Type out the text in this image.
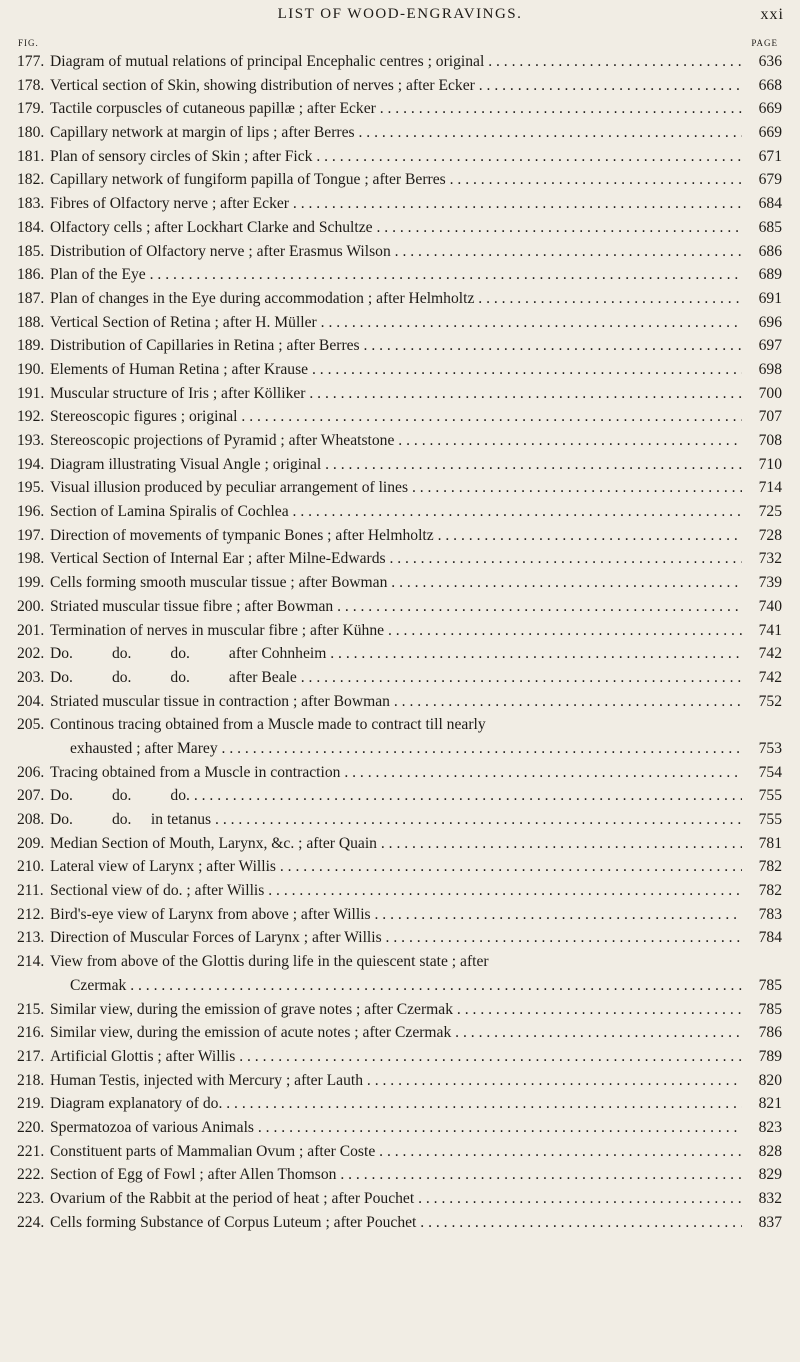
LIST OF WOOD-ENGRAVINGS.	xxi
FIG.	PAGE
177. Diagram of mutual relations of principal Encephalic centres ; original . . .	636
178. Vertical section of Skin, showing distribution of nerves ; after Ecker . . .	668
179. Tactile corpuscles of cutaneous papillæ ; after Ecker . . .	669
180. Capillary network at margin of lips ; after Berres . . .	669
181. Plan of sensory circles of Skin ; after Fick . . .	671
182. Capillary network of fungiform papilla of Tongue ; after Berres . . .	679
183. Fibres of Olfactory nerve ; after Ecker . . .	684
184. Olfactory cells ; after Lockhart Clarke and Schultze . . .	685
185. Distribution of Olfactory nerve ; after Erasmus Wilson . . .	686
186. Plan of the Eye . . .	689
187. Plan of changes in the Eye during accommodation ; after Helmholtz . . .	691
188. Vertical Section of Retina ; after H. Müller . . .	696
189. Distribution of Capillaries in Retina ; after Berres . . .	697
190. Elements of Human Retina ; after Krause . . .	698
191. Muscular structure of Iris ; after Kölliker . . .	700
192. Stereoscopic figures ; original . . .	707
193. Stereoscopic projections of Pyramid ; after Wheatstone . . .	708
194. Diagram illustrating Visual Angle ; original . . .	710
195. Visual illusion produced by peculiar arrangement of lines . . .	714
196. Section of Lamina Spiralis of Cochlea . . .	725
197. Direction of movements of tympanic Bones ; after Helmholtz . . .	728
198. Vertical Section of Internal Ear ; after Milne-Edwards . . .	732
199. Cells forming smooth muscular tissue ; after Bowman . . .	739
200. Striated muscular tissue fibre ; after Bowman . . .	740
201. Termination of nerves in muscular fibre ; after Kühne . . .	741
202. Do.          do.          do.          after Cohnheim . . .	742
203. Do.          do.          do.          after Beale . . .	742
204. Striated muscular tissue in contraction ; after Bowman . . .	752
205. Continous tracing obtained from a Muscle made to contract till nearly
exhausted ; after Marey . . .	753
206. Tracing obtained from a Muscle in contraction . . .	754
207. Do.          do.          do. . . .	755
208. Do.          do.     in tetanus . . .	755
209. Median Section of Mouth, Larynx, &c. ; after Quain . . .	781
210. Lateral view of Larynx ; after Willis . . .	782
211. Sectional view of do. ; after Willis . . .	782
212. Bird's-eye view of Larynx from above ; after Willis . . .	783
213. Direction of Muscular Forces of Larynx ; after Willis . . .	784
214. View from above of the Glottis during life in the quiescent state ; after
Czermak . . .	785
215. Similar view, during the emission of grave notes ; after Czermak . . .	785
216. Similar view, during the emission of acute notes ; after Czermak . . .	786
217. Artificial Glottis ; after Willis . . .	789
218. Human Testis, injected with Mercury ; after Lauth . . .	820
219. Diagram explanatory of do. . . .	821
220. Spermatozoa of various Animals . . .	823
221. Constituent parts of Mammalian Ovum ; after Coste . . .	828
222. Section of Egg of Fowl ; after Allen Thomson . . .	829
223. Ovarium of the Rabbit at the period of heat ; after Pouchet . . .	832
224. Cells forming Substance of Corpus Luteum ; after Pouchet . . .	837
